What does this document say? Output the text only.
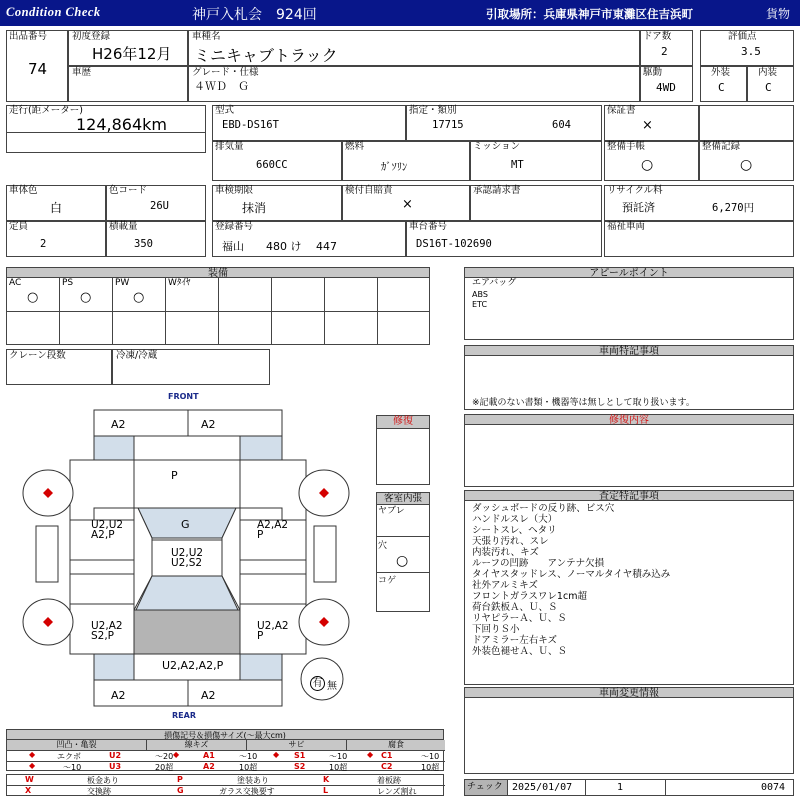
Condition Check	神戸入札会　924回	引取場所：兵庫県神戸市東灘区住吉浜町	貨物
出品番号
74
初度登録
H26年12月
車歴
車種名
ミニキャブトラック
グレード・仕様
４ＷＤ　Ｇ
ドア数
2
駆動
4WD
評価点
3.5
外装
C
内装
C
走行(距メーター)
124,864km
型式
EBD-DS16T
指定・類別
17715	604
排気量
660CC
燃料
ｶﾞｿﾘﾝ
ミッション
MT
保証書
×
整備手帳
○
整備記録
○
車体色
白
色コード
26U
定員
2
積載量
350
車検期限
抹消
検付自賠責
×
承認請求書
登録番号
福山　　480 け　 447
車台番号
DS16T-102690
リサイクル料
預託済	6,270円
福祉車両
装備
AC
○
PS
○
PW
○
Wﾀｲﾔ
クレーン段数	冷凍/冷蔵
アピールポイント
エアバッグ
ABS
ETC
車両特記事項
※記載のない書類・機器等は無しとして取り扱います。
修復内容
査定特記事項
ダッシュボードの反り跡、ビス穴
ハンドルスレ（大）
シートスレ、ヘタリ
天張り汚れ、スレ
内装汚れ、キズ
ルーフの凹跡　　アンテナ欠損
タイヤスタッドレス、ノーマルタイヤ積み込み
社外アルミキズ
フロントガラスワレ1cm超
荷台鉄板Ａ、Ｕ、Ｓ
リヤピラーＡ、Ｕ、Ｓ
下回りＳ小
ドアミラー左右キズ
外装色褪せＡ、Ｕ、Ｓ
車両変更情報
チェック 2025/01/07	1	0074
FRONT
REAR
A2	A2
P
G
U2,U2
U2,S2
U2,U2
A2,P
A2,A2
P
U2,A2
S2,P
U2,A2
P
U2,A2,A2,P
A2	A2
有 無
修復
客室内張
ヤブレ
穴
○
コゲ
損傷記号＆損傷サイズ(〜最大cm)
凹凸・亀裂	線キズ	サビ	腐食
◆	エクボ	U2	〜20
◆	〜10	U3	20超
◆	A1	〜10
A2	10超
◆ S1	〜10
S2	10超
◆ C1	〜10
C2	10超
W	板金あり	P	塗装あり	K	着板跡
X	交換跡	G	ガラス交換要す	L	レンズ割れ
